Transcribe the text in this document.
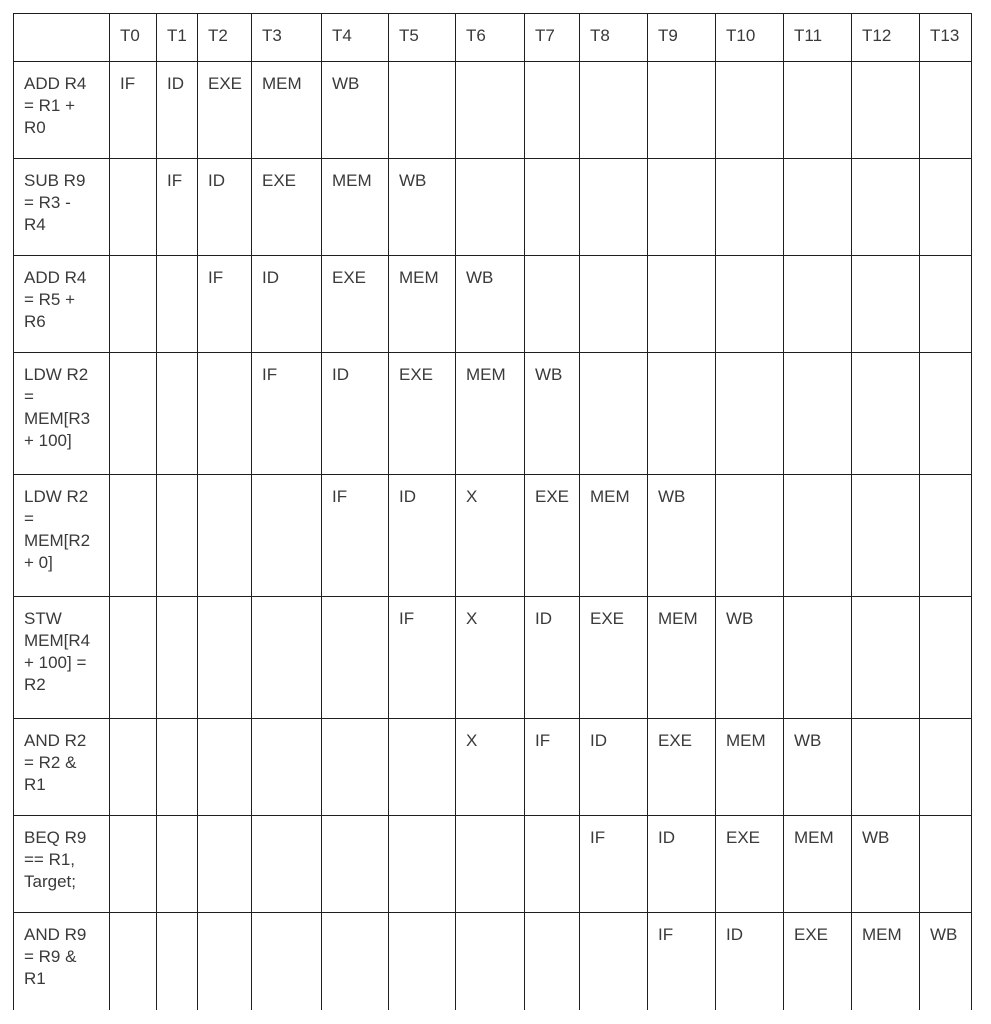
	T0	T1	T2	T3	T4	T5	T6	T7	T8	T9	T10	T11	T12	T13

ADD R4
= R1 +
R0	IF	ID	EXE	MEM	WB									

SUB R9
= R3 -
R4		IF	ID	EXE	MEM	WB								

ADD R4
= R5 +
R6			IF	ID	EXE	MEM	WB							

LDW R2
=
MEM[R3
+ 100]				IF	ID	EXE	MEM	WB						

LDW R2
=
MEM[R2
+ 0]					IF	ID	X	EXE	MEM	WB				

STW
MEM[R4
+ 100] =
R2						IF	X	ID	EXE	MEM	WB			

AND R2
= R2 &
R1							X	IF	ID	EXE	MEM	WB		

BEQ R9
== R1,
Target;									IF	ID	EXE	MEM	WB	

AND R9
= R9 &
R1										IF	ID	EXE	MEM	WB
